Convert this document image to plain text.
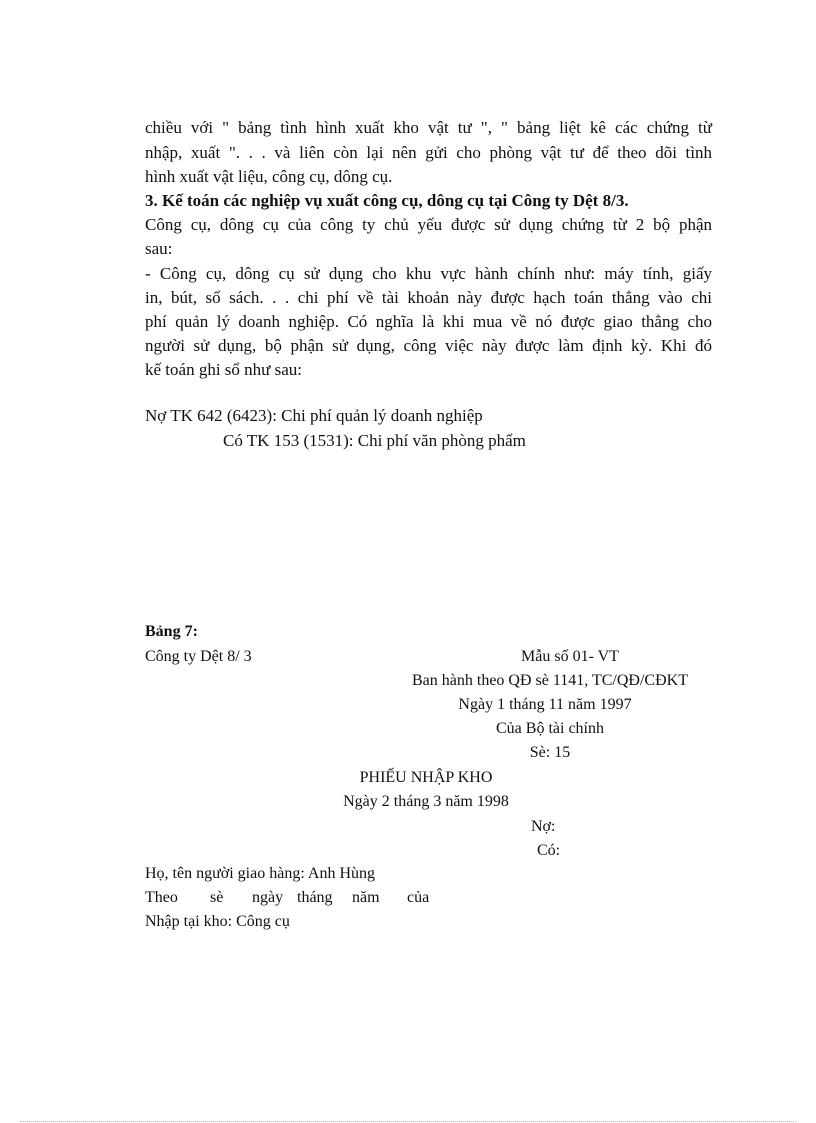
chiều với " bảng tình hình xuất kho vật tư ", " bảng liệt kê các chứng từ
nhập, xuất ". . . và liên còn lại nên gửi cho phòng vật tư để theo dõi tình
hình xuất vật liệu, công cụ, dông cụ.
3. Kế toán các nghiệp vụ xuất công cụ, dông cụ tại Công ty Dệt 8/3.
Công cụ, dông cụ của công ty chủ yếu được sử dụng chứng từ 2 bộ phận
sau:
- Công cụ, dông cụ sử dụng cho khu vực hành chính như: máy tính, giấy
in, bút, sổ sách. . . chi phí về tài khoản này được hạch toán thẳng vào chi
phí quản lý doanh nghiệp. Có nghĩa là khi mua về nó được giao thẳng cho
người sử dụng, bộ phận sử dụng, công việc này được làm định kỳ. Khi đó
kế toán ghi sổ như sau:
Nợ TK 642 (6423): Chi phí quản lý doanh nghiệp
Có TK 153 (1531): Chi phí văn phòng phẩm
Bảng 7:
Công ty Dệt 8/ 3	Mẫu số 01- VT
Ban hành theo QĐ sè 1141, TC/QĐ/CĐKT
Ngày 1 tháng 11 năm 1997
Của Bộ tài chính
Sè: 15
PHIẾU NHẬP KHO
Ngày 2 tháng 3 năm 1998
Nợ:
Có:
Họ, tên người giao hàng: Anh Hùng
Theo sè ngày tháng năm của
Nhập tại kho: Công cụ
